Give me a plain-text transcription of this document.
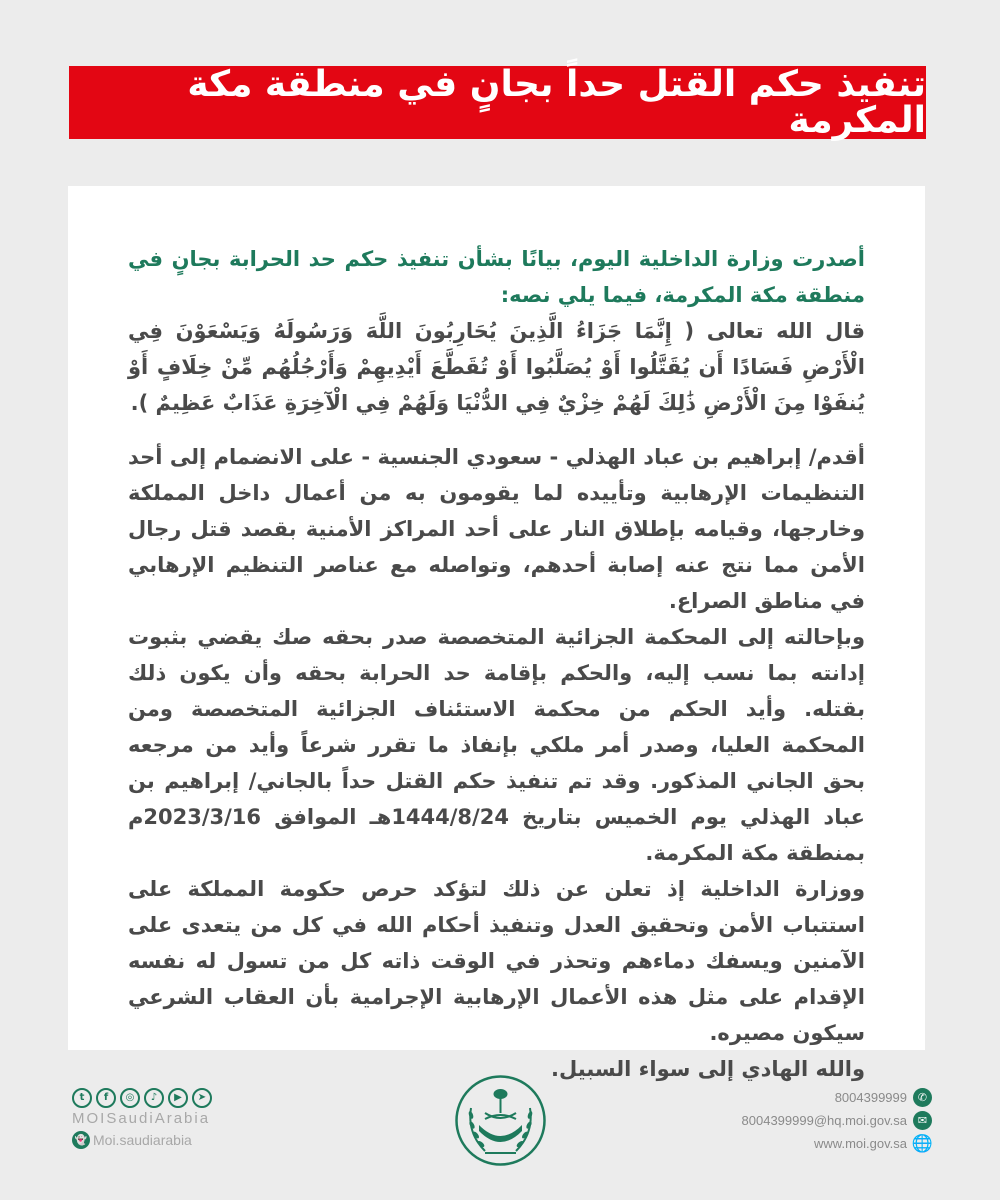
تنفيذ حكم القتل حداً بجانٍ في منطقة مكة المكرمة

أصدرت وزارة الداخلية اليوم، بيانًا بشأن تنفيذ حكم حد الحرابة بجانٍ في منطقة مكة المكرمة، فيما يلي نصه:

قال الله تعالى ( إِنَّمَا جَزَاءُ الَّذِينَ يُحَارِبُونَ اللَّهَ وَرَسُولَهُ وَيَسْعَوْنَ فِي الْأَرْضِ فَسَادًا أَن يُقَتَّلُوا أَوْ يُصَلَّبُوا أَوْ تُقَطَّعَ أَيْدِيهِمْ وَأَرْجُلُهُم مِّنْ خِلَافٍ أَوْ يُنفَوْا مِنَ الْأَرْضِ ذَٰلِكَ لَهُمْ خِزْيٌ فِي الدُّنْيَا وَلَهُمْ فِي الْآخِرَةِ عَذَابٌ عَظِيمٌ ).

أقدم/ إبراهيم بن عباد الهذلي - سعودي الجنسية - على الانضمام إلى أحد التنظيمات الإرهابية وتأييده لما يقومون به من أعمال داخل المملكة وخارجها، وقيامه بإطلاق النار على أحد المراكز الأمنية بقصد قتل رجال الأمن مما نتج عنه إصابة أحدهم، وتواصله مع عناصر التنظيم الإرهابي في مناطق الصراع.

وبإحالته إلى المحكمة الجزائية المتخصصة صدر بحقه صك يقضي بثبوت إدانته بما نسب إليه، والحكم بإقامة حد الحرابة بحقه وأن يكون ذلك بقتله. وأيد الحكم من محكمة الاستئناف الجزائية المتخصصة ومن المحكمة العليا، وصدر أمر ملكي بإنفاذ ما تقرر شرعاً وأيد من مرجعه بحق الجاني المذكور. وقد تم تنفيذ حكم القتل حداً بالجاني/ إبراهيم بن عباد الهذلي يوم الخميس بتاريخ 1444/8/24هـ الموافق 2023/3/16م بمنطقة مكة المكرمة.

ووزارة الداخلية إذ تعلن عن ذلك لتؤكد حرص حكومة المملكة على استتباب الأمن وتحقيق العدل وتنفيذ أحكام الله في كل من يتعدى على الآمنين ويسفك دماءهم وتحذر في الوقت ذاته كل من تسول له نفسه الإقدام على مثل هذه الأعمال الإرهابية الإجرامية بأن العقاب الشرعي سيكون مصيره.

والله الهادي إلى سواء السبيل.

t	f	◎	♪	▶	➤
MOISaudiArabia
👻 Moi.saudiarabia
8004399999 ✆
8004399999@hq.moi.gov.sa ✉
www.moi.gov.sa 🌐
